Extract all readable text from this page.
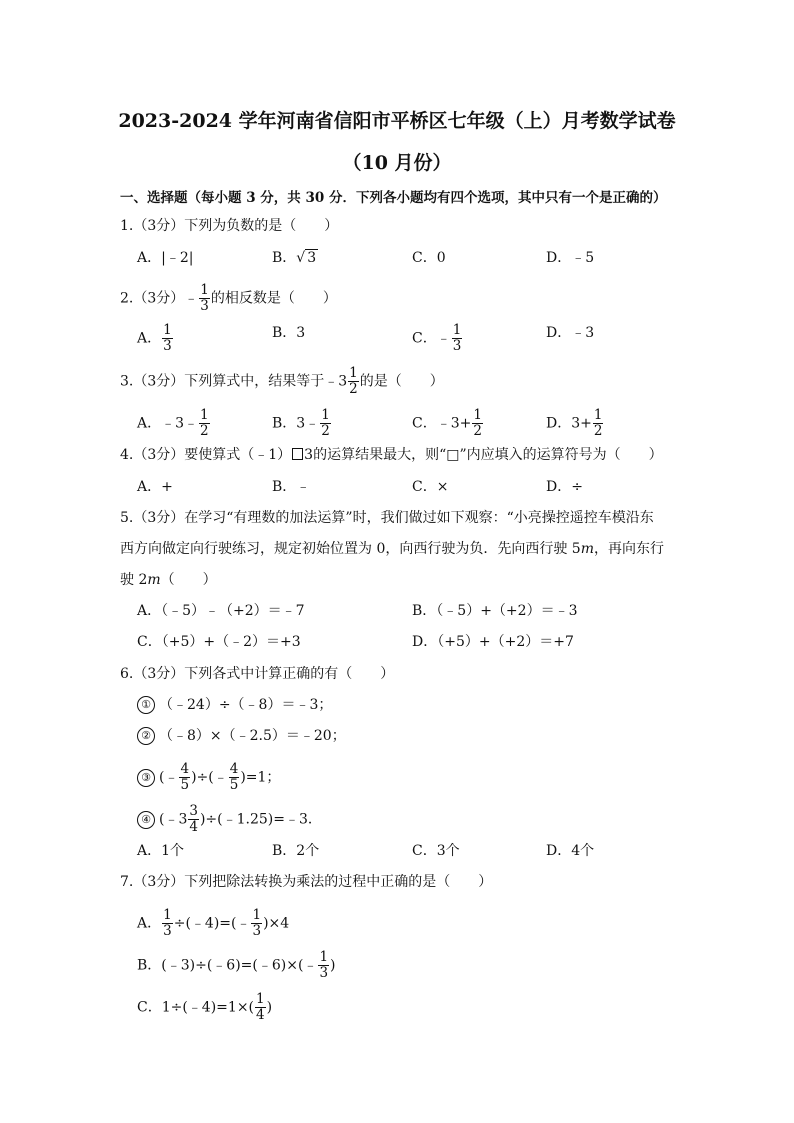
2023-2024 学年河南省信阳市平桥区七年级（上）月考数学试卷
（10 月份）
一、选择题（每小题 3 分，共 30 分．下列各小题均有四个选项，其中只有一个是正确的）
1.（3分）下列为负数的是（　　）
A．|﹣2|	B．√ 3	C．0	D．﹣5
2.（3分）﹣ $\frac{1}{3}$ 的相反数是（　　）
A． $\frac{1}{3}$	B．3	C．﹣ $\frac{1}{3}$	D．﹣3
3.（3分）下列算式中，结果等于﹣3 $\frac{1}{2}$ 的是（　　）
A．﹣3﹣ $\frac{1}{2}$	B．3﹣ $\frac{1}{2}$	C．﹣3+ $\frac{1}{2}$	D．$3+ \frac{1}{2}$
4.（3分）要使算式（﹣1） 3的运算结果最大，则“□”内应填入的运算符号为（　　）
A．+	B．﹣	C．×	D．÷
5.（3分）在学习“有理数的加法运算”时，我们做过如下观察：“小亮操控遥控车模沿东
西方向做定向行驶练习，规定初始位置为 0，向西行驶为负．先向西行驶 5m，再向东行
驶 2m（　　）
A．（﹣5）﹣（+2）＝﹣7	B．（﹣5）+（+2）＝﹣3
C．（+5）+（﹣2）＝+3	D．（+5）+（+2）＝+7
6.（3分）下列各式中计算正确的有（　　）
① （﹣24）÷（﹣8）＝﹣3；
② （﹣8）×（﹣2.5）＝﹣20；
③ (﹣ $\frac{4}{5}$ )÷(﹣ $\frac{4}{5} )=1$；
④ (﹣3 $\frac{3}{4}$ )÷(﹣1.25)=﹣3．
A．1个	B．2个	C．3个	D．4个
7.（3分）下列把除法转换为乘法的过程中正确的是（　　）
A． $\frac{1}{3}$ ÷(﹣4)=(﹣ $\frac{1}{3} )\times 4$
B．(﹣3)÷(﹣6)=(﹣6)×(﹣ $\frac{1}{3}$ )
C．1÷(﹣4)=1×( $\frac{1}{4}$ )
